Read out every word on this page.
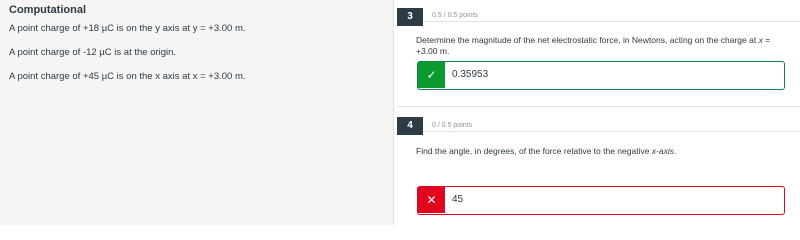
Computational
A point charge of +18 µC is on the y axis at y = +3.00 m.
A point charge of -12 µC is at the origin.
A point charge of +45 µC is on the x axis at x = +3.00 m.
3	0.5 / 0.5 points
Determine the magnitude of the net electrostatic force, in Newtons, acting on the charge at x = +3.00 m.
✓	0.35953
4	0 / 0.5 points
Find the angle, in degrees, of the force relative to the negative x-axis.
✕	45
